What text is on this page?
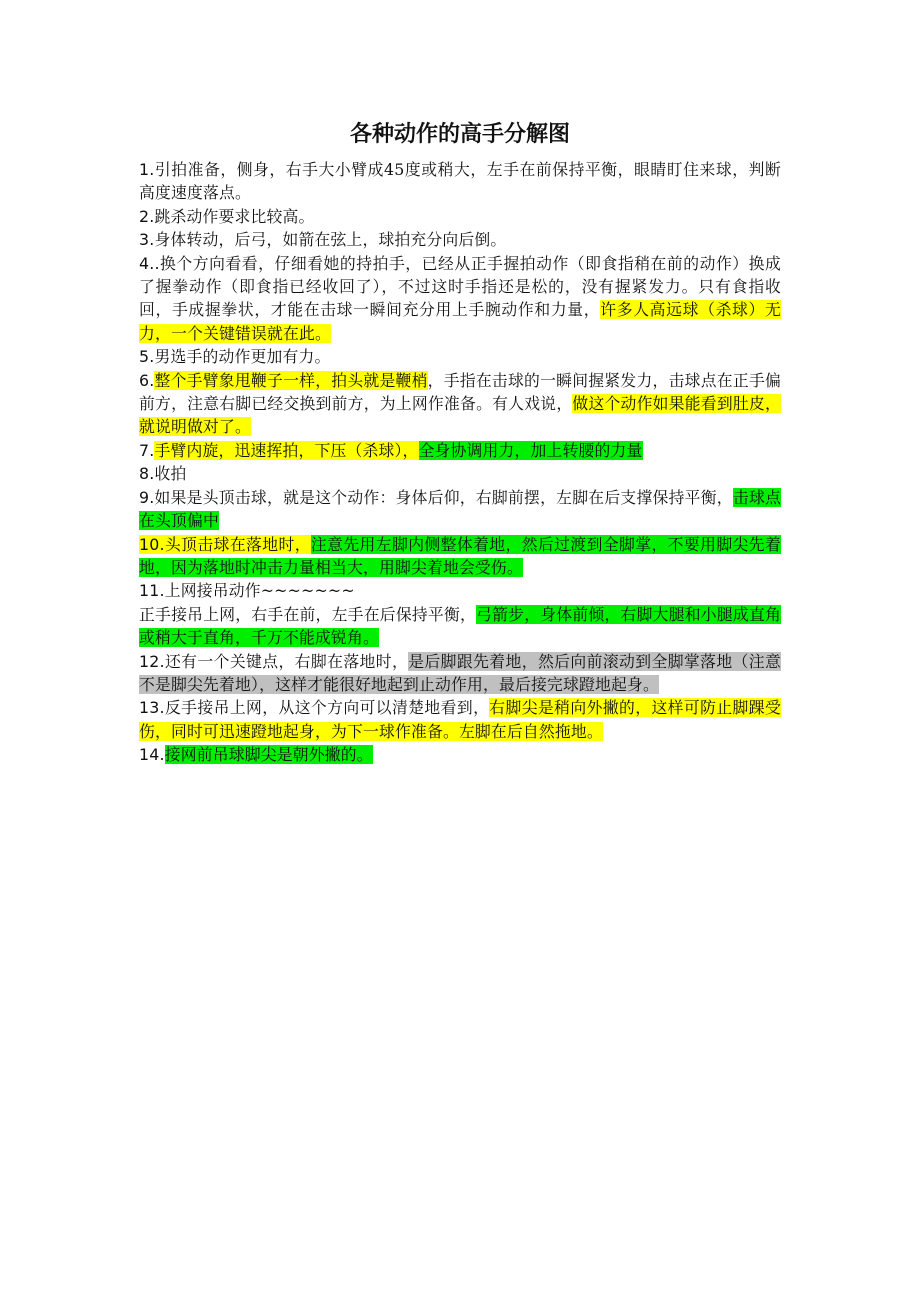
各种动作的高手分解图

1.引拍准备，侧身，右手大小臂成45度或稍大，左手在前保持平衡，眼睛盯住来球，判断高度速度落点。

2.跳杀动作要求比较高。

3.身体转动，后弓，如箭在弦上，球拍充分向后倒。

4..换个方向看看，仔细看她的持拍手，已经从正手握拍动作（即食指稍在前的动作）换成了握拳动作（即食指已经收回了），不过这时手指还是松的，没有握紧发力。只有食指收回，手成握拳状，才能在击球一瞬间充分用上手腕动作和力量，许多人高远球（杀球）无力，一个关键错误就在此。

5.男选手的动作更加有力。

6.整个手臂象甩鞭子一样，拍头就是鞭梢，手指在击球的一瞬间握紧发力，击球点在正手偏前方，注意右脚已经交换到前方，为上网作准备。有人戏说，做这个动作如果能看到肚皮，就说明做对了。

7.手臂内旋，迅速挥拍，下压（杀球），全身协调用力，加上转腰的力量

8.收拍

9.如果是头顶击球，就是这个动作：身体后仰，右脚前摆，左脚在后支撑保持平衡，击球点在头顶偏中

10.头顶击球在落地时，注意先用左脚内侧整体着地，然后过渡到全脚掌，不要用脚尖先着地，因为落地时冲击力量相当大，用脚尖着地会受伤。

11.上网接吊动作~~~~~~~

正手接吊上网，右手在前，左手在后保持平衡，弓箭步，身体前倾，右脚大腿和小腿成直角或稍大于直角，千万不能成锐角。

12.还有一个关键点，右脚在落地时，是后脚跟先着地，然后向前滚动到全脚掌落地（注意不是脚尖先着地），这样才能很好地起到止动作用，最后接完球蹬地起身。

13.反手接吊上网，从这个方向可以清楚地看到，右脚尖是稍向外撇的，这样可防止脚踝受伤，同时可迅速蹬地起身，为下一球作准备。左脚在后自然拖地。

14.接网前吊球脚尖是朝外撇的。
